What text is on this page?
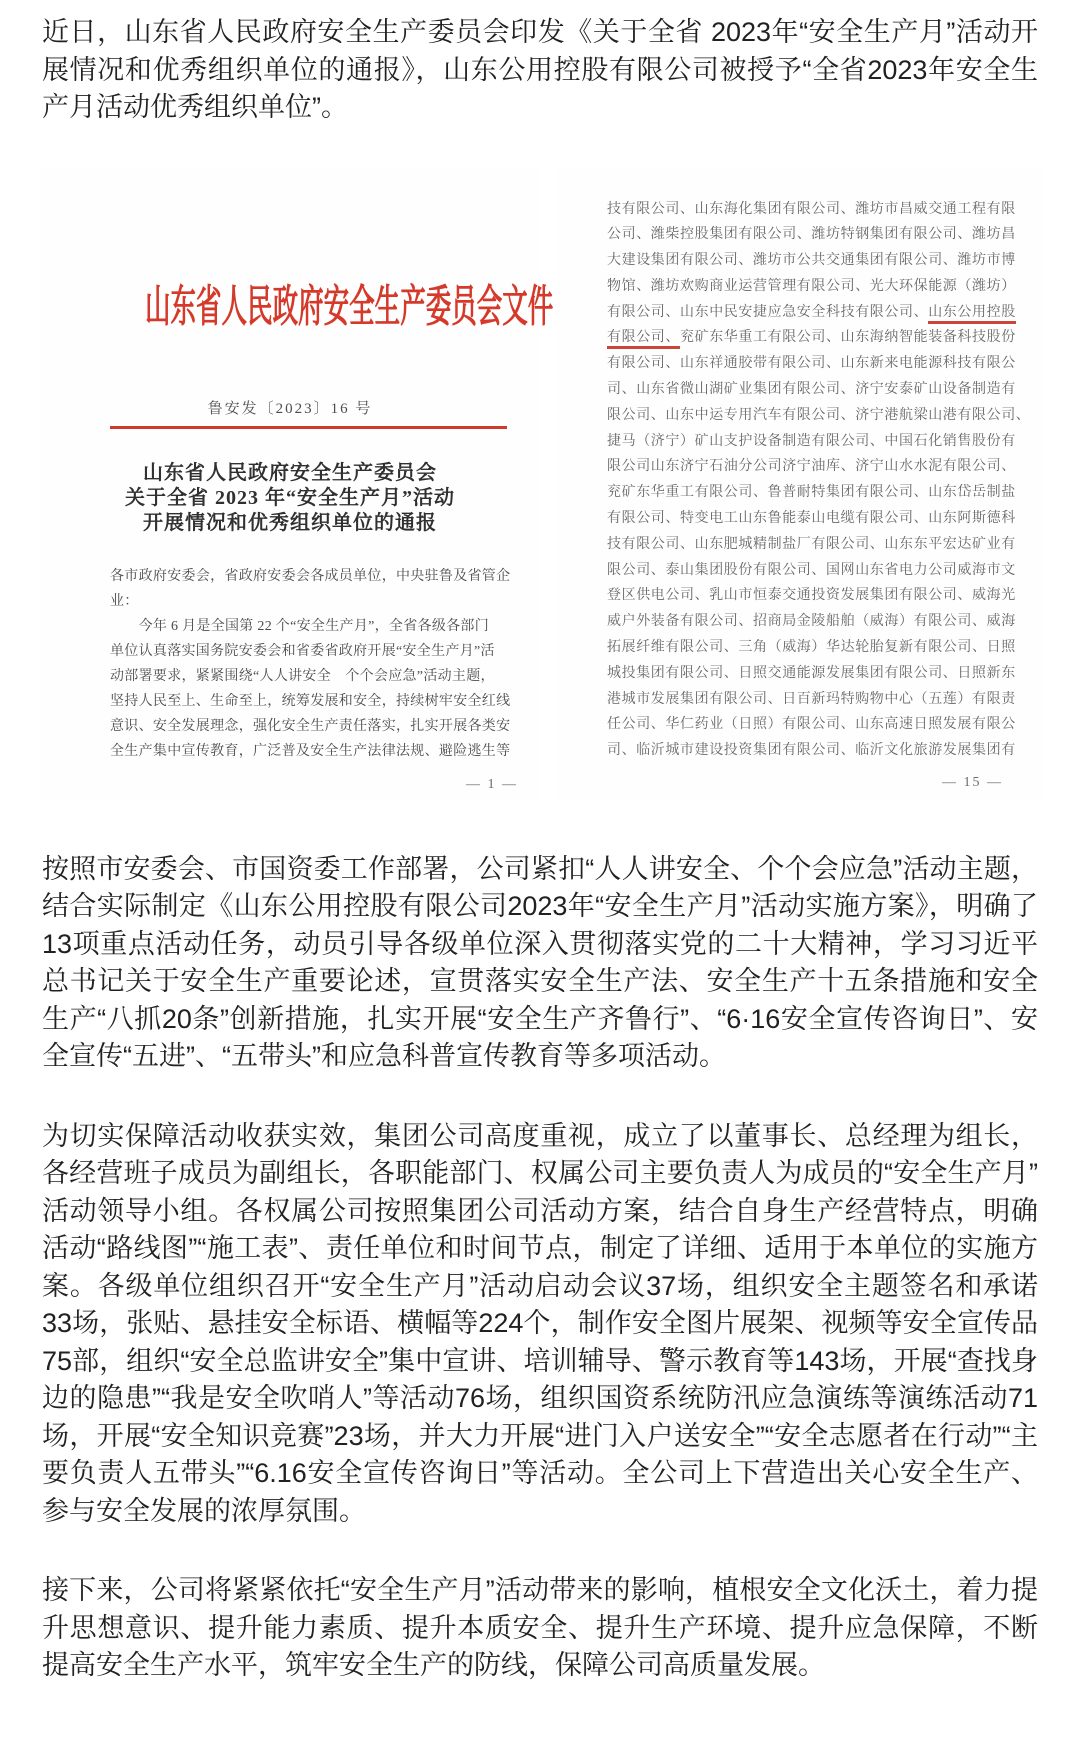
近日，山东省人民政府安全生产委员会印发《关于全省 2023年“安全生产月”活动开展情况和优秀组织单位的通报》，山东公用控股有限公司被授予“全省2023年安全生产月活动优秀组织单位”。

山东省人民政府安全生产委员会文件
鲁安发〔2023〕16 号
山东省人民政府安全生产委员会
关于全省 2023 年“安全生产月”活动
开展情况和优秀组织单位的通报
各市政府安委会，省政府安委会各成员单位，中央驻鲁及省管企
业：
　　今年 6 月是全国第 22 个“安全生产月”，全省各级各部门
单位认真落实国务院安委会和省委省政府开展“安全生产月”活
动部署要求，紧紧围绕“人人讲安全　个个会应急”活动主题，
坚持人民至上、生命至上，统筹发展和安全，持续树牢安全红线
意识、安全发展理念，强化安全生产责任落实，扎实开展各类安
全生产集中宣传教育，广泛普及安全生产法律法规、避险逃生等
— 1 —
技有限公司、山东海化集团有限公司、潍坊市昌威交通工程有限
公司、潍柴控股集团有限公司、潍坊特钢集团有限公司、潍坊昌
大建设集团有限公司、潍坊市公共交通集团有限公司、潍坊市博
物馆、潍坊欢购商业运营管理有限公司、光大环保能源（潍坊）
有限公司、山东中民安捷应急安全科技有限公司、山东公用控股
有限公司、兖矿东华重工有限公司、山东海纳智能装备科技股份
有限公司、山东祥通胶带有限公司、山东新来电能源科技有限公
司、山东省微山湖矿业集团有限公司、济宁安泰矿山设备制造有
限公司、山东中运专用汽车有限公司、济宁港航梁山港有限公司、
捷马（济宁）矿山支护设备制造有限公司、中国石化销售股份有
限公司山东济宁石油分公司济宁油库、济宁山水水泥有限公司、
兖矿东华重工有限公司、鲁普耐特集团有限公司、山东岱岳制盐
有限公司、特变电工山东鲁能泰山电缆有限公司、山东阿斯德科
技有限公司、山东肥城精制盐厂有限公司、山东东平宏达矿业有
限公司、泰山集团股份有限公司、国网山东省电力公司威海市文
登区供电公司、乳山市恒泰交通投资发展集团有限公司、威海光
威户外装备有限公司、招商局金陵船舶（威海）有限公司、威海
拓展纤维有限公司、三角（威海）华达轮胎复新有限公司、日照
城投集团有限公司、日照交通能源发展集团有限公司、日照新东
港城市发展集团有限公司、日百新玛特购物中心（五莲）有限责
任公司、华仁药业（日照）有限公司、山东高速日照发展有限公
司、临沂城市建设投资集团有限公司、临沂文化旅游发展集团有
— 15 —

按照市安委会、市国资委工作部署，公司紧扣“人人讲安全、个个会应急”活动主题，结合实际制定《山东公用控股有限公司2023年“安全生产月”活动实施方案》，明确了13项重点活动任务，动员引导各级单位深入贯彻落实党的二十大精神，学习习近平总书记关于安全生产重要论述，宣贯落实安全生产法、安全生产十五条措施和安全生产“八抓20条”创新措施，扎实开展“安全生产齐鲁行”、“6·16安全宣传咨询日”、安全宣传“五进”、“五带头”和应急科普宣传教育等多项活动。

为切实保障活动收获实效，集团公司高度重视，成立了以董事长、总经理为组长，各经营班子成员为副组长，各职能部门、权属公司主要负责人为成员的“安全生产月”活动领导小组。各权属公司按照集团公司活动方案，结合自身生产经营特点，明确活动“路线图”“施工表”、责任单位和时间节点，制定了详细、适用于本单位的实施方案。各级单位组织召开“安全生产月”活动启动会议37场，组织安全主题签名和承诺33场，张贴、悬挂安全标语、横幅等224个，制作安全图片展架、视频等安全宣传品75部，组织“安全总监讲安全”集中宣讲、培训辅导、警示教育等143场，开展“查找身边的隐患”“我是安全吹哨人”等活动76场，组织国资系统防汛应急演练等演练活动71场，开展“安全知识竞赛”23场，并大力开展“进门入户送安全”“安全志愿者在行动”“主要负责人五带头”“6.16安全宣传咨询日”等活动。全公司上下营造出关心安全生产、参与安全发展的浓厚氛围。

接下来，公司将紧紧依托“安全生产月”活动带来的影响，植根安全文化沃土，着力提升思想意识、提升能力素质、提升本质安全、提升生产环境、提升应急保障，不断提高安全生产水平，筑牢安全生产的防线，保障公司高质量发展。
